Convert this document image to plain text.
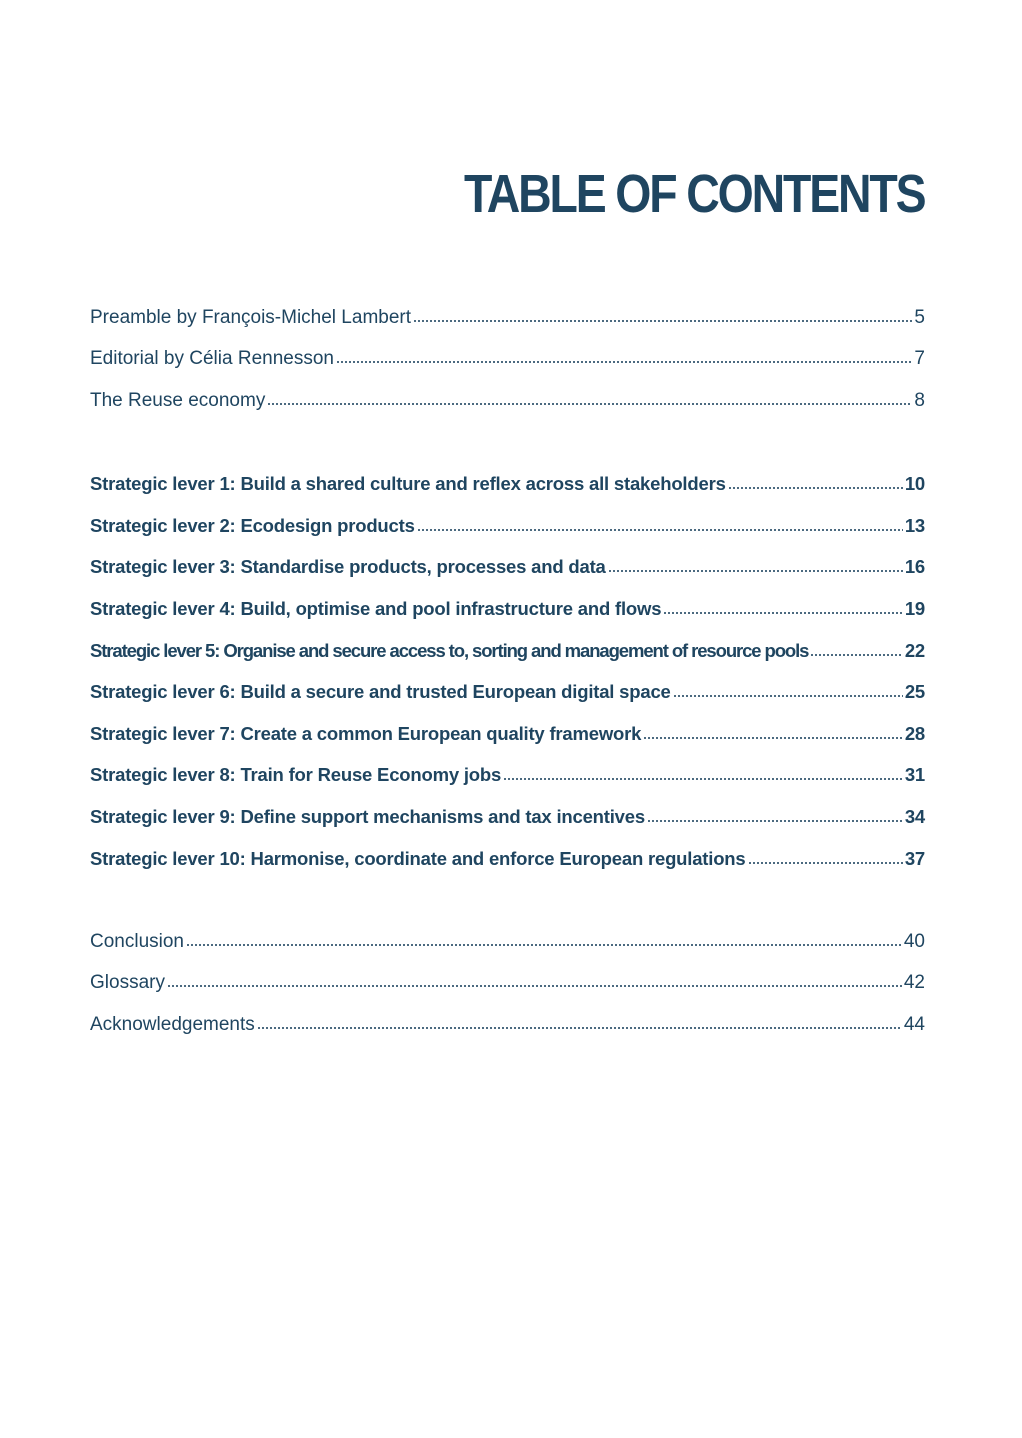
TABLE OF CONTENTS
Preamble by François-Michel Lambert	5
Editorial by Célia Rennesson	7
The Reuse economy	8
Strategic lever 1: Build a shared culture and reflex across all stakeholders	10
Strategic lever 2: Ecodesign products	13
Strategic lever 3: Standardise products, processes and data	16
Strategic lever 4: Build, optimise and pool infrastructure and flows	19
Strategic lever 5: Organise and secure access to, sorting and management of resource pools	22
Strategic lever 6: Build a secure and trusted European digital space	25
Strategic lever 7: Create a common European quality framework	28
Strategic lever 8: Train for Reuse Economy jobs	31
Strategic lever 9: Define support mechanisms and tax incentives	34
Strategic lever 10: Harmonise, coordinate and enforce European regulations	37
Conclusion	40
Glossary	42
Acknowledgements	44
